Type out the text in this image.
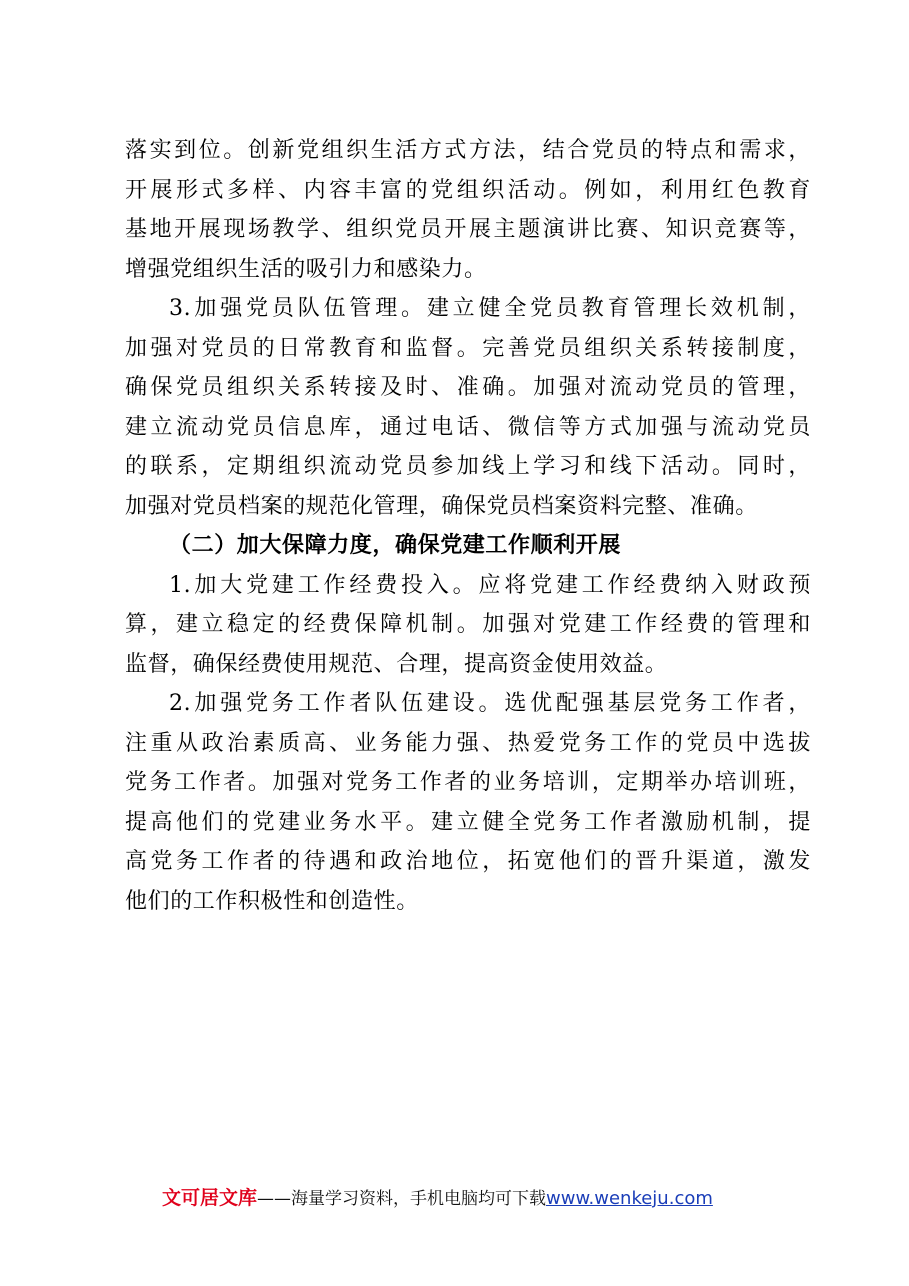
落实到位。创新党组织生活方式方法，结合党员的特点和需求，
开展形式多样、内容丰富的党组织活动。例如，利用红色教育
基地开展现场教学、组织党员开展主题演讲比赛、知识竞赛等，
增强党组织生活的吸引力和感染力。
3.加强党员队伍管理。建立健全党员教育管理长效机制，
加强对党员的日常教育和监督。完善党员组织关系转接制度，
确保党员组织关系转接及时、准确。加强对流动党员的管理，
建立流动党员信息库，通过电话、微信等方式加强与流动党员
的联系，定期组织流动党员参加线上学习和线下活动。同时，
加强对党员档案的规范化管理，确保党员档案资料完整、准确。
（二）加大保障力度，确保党建工作顺利开展
1.加大党建工作经费投入。应将党建工作经费纳入财政预
算，建立稳定的经费保障机制。加强对党建工作经费的管理和
监督，确保经费使用规范、合理，提高资金使用效益。
2.加强党务工作者队伍建设。选优配强基层党务工作者，
注重从政治素质高、业务能力强、热爱党务工作的党员中选拔
党务工作者。加强对党务工作者的业务培训，定期举办培训班，
提高他们的党建业务水平。建立健全党务工作者激励机制，提
高党务工作者的待遇和政治地位，拓宽他们的晋升渠道，激发
他们的工作积极性和创造性。
文可居文库——海量学习资料，手机电脑均可下载www.wenkeju.com
